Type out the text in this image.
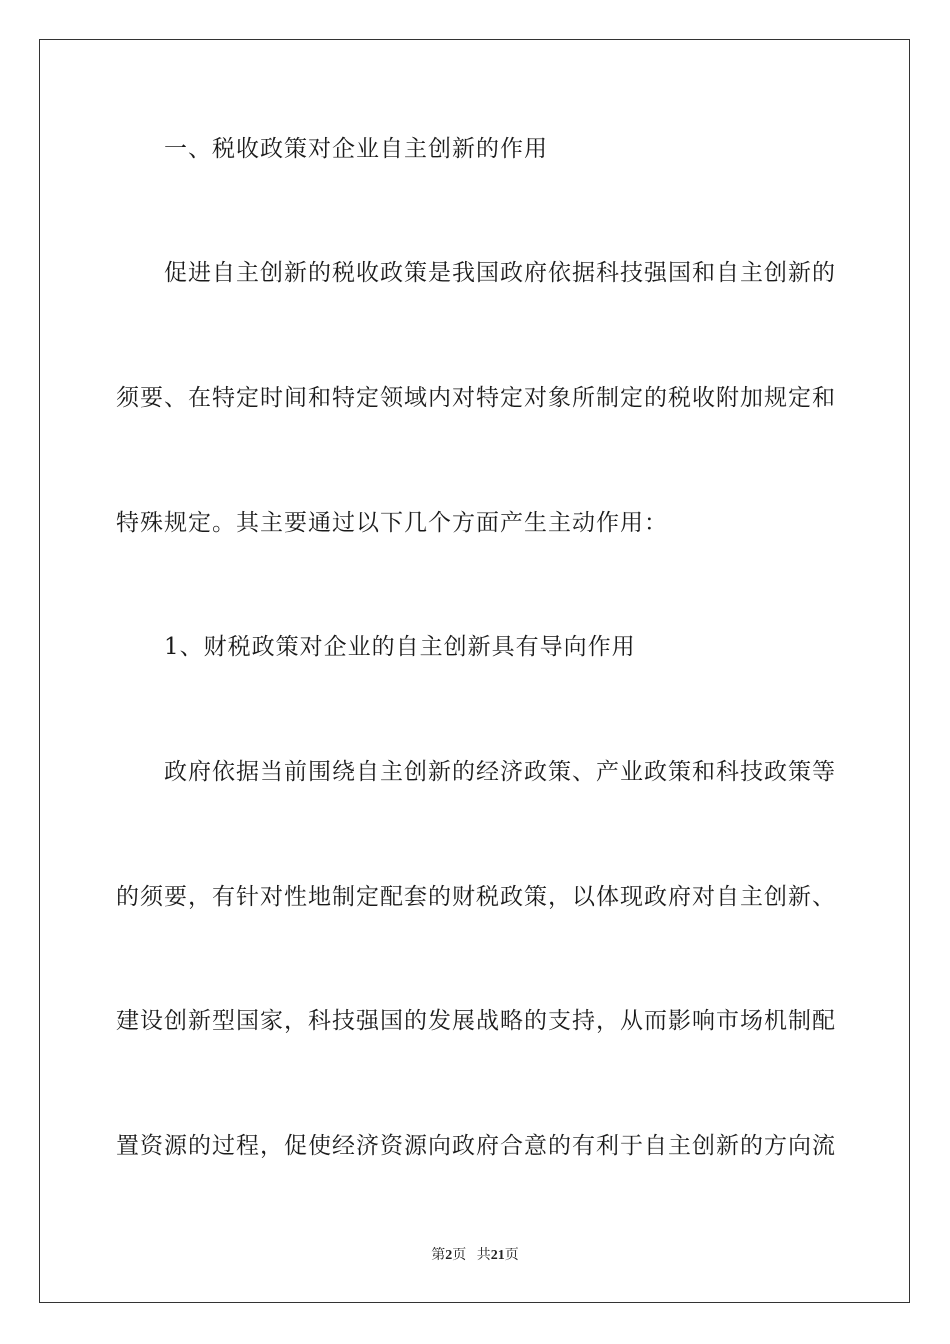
一、税收政策对企业自主创新的作用
促进自主创新的税收政策是我国政府依据科技强国和自主创新的
须要、在特定时间和特定领域内对特定对象所制定的税收附加规定和
特殊规定。其主要通过以下几个方面产生主动作用：
1、财税政策对企业的自主创新具有导向作用
政府依据当前围绕自主创新的经济政策、产业政策和科技政策等
的须要，有针对性地制定配套的财税政策，以体现政府对自主创新、
建设创新型国家，科技强国的发展战略的支持，从而影响市场机制配
置资源的过程，促使经济资源向政府合意的有利于自主创新的方向流
第2页 共21页
